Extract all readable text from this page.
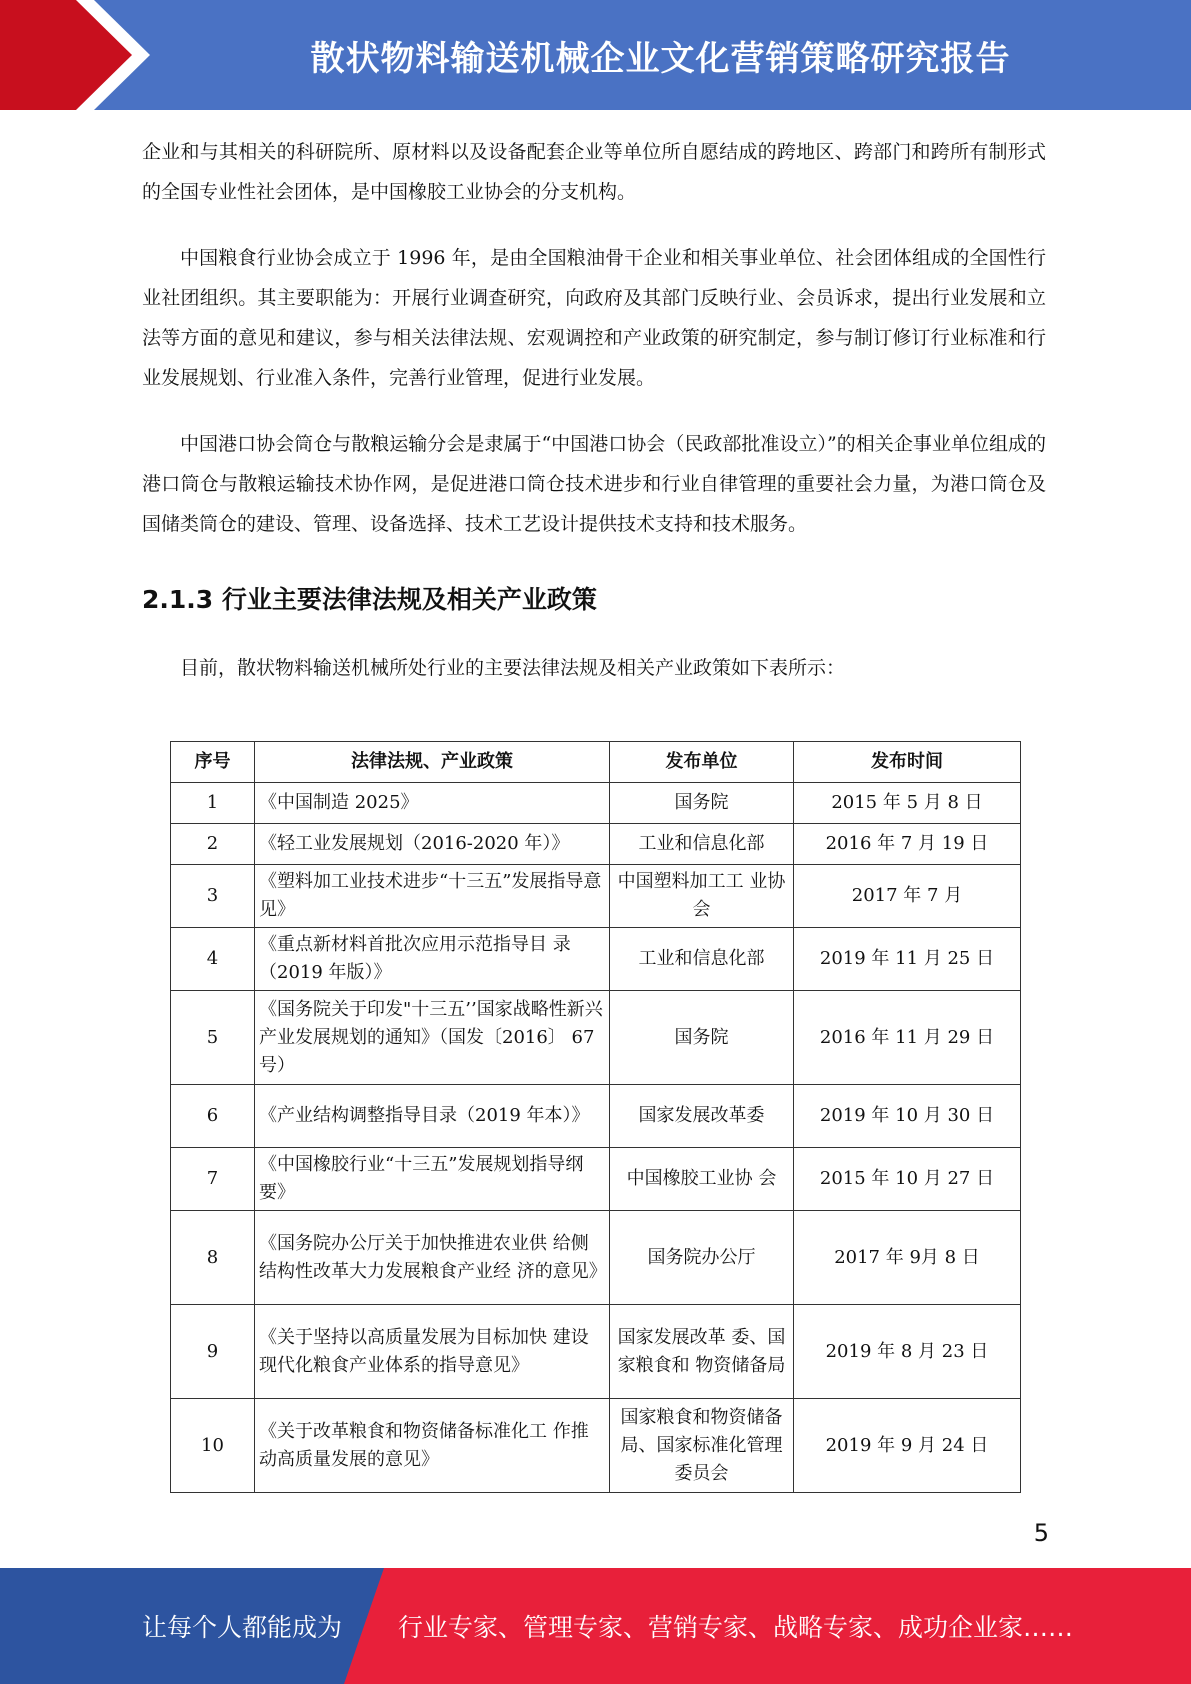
散状物料输送机械企业文化营销策略研究报告

企业和与其相关的科研院所、原材料以及设备配套企业等单位所自愿结成的跨地区、跨部门和跨所有制形式的全国专业性社会团体，是中国橡胶工业协会的分支机构。

中国粮食行业协会成立于 1996 年，是由全国粮油骨干企业和相关事业单位、社会团体组成的全国性行业社团组织。其主要职能为：开展行业调查研究，向政府及其部门反映行业、会员诉求，提出行业发展和立法等方面的意见和建议，参与相关法律法规、宏观调控和产业政策的研究制定，参与制订修订行业标准和行业发展规划、行业准入条件，完善行业管理，促进行业发展。

中国港口协会筒仓与散粮运输分会是隶属于“中国港口协会（民政部批准设立）”的相关企事业单位组成的港口筒仓与散粮运输技术协作网，是促进港口筒仓技术进步和行业自律管理的重要社会力量，为港口筒仓及国储类筒仓的建设、管理、设备选择、技术工艺设计提供技术支持和技术服务。

2.1.3 行业主要法律法规及相关产业政策

目前，散状物料输送机械所处行业的主要法律法规及相关产业政策如下表所示：

序号	法律法规、产业政策	发布单位	发布时间
1	《中国制造 2025》	国务院	2015 年 5 月 8 日
2	《轻工业发展规划（2016-2020 年）》	工业和信息化部	2016 年 7 月 19 日
3	《塑料加工业技术进步“十三五”发展指导意见》	中国塑料加工工 业协会	2017 年 7 月
4	《重点新材料首批次应用示范指导目 录（2019 年版）》	工业和信息化部	2019 年 11 月 25 日
5	《国务院关于印发"十三五’’国家战略性新兴产业发展规划的通知》（国发〔2016〕 67 号）	国务院	2016 年 11 月 29 日
6	《产业结构调整指导目录（2019 年本）》	国家发展改革委	2019 年 10 月 30 日
7	《中国橡胶行业“十三五”发展规划指导纲要》	中国橡胶工业协 会	2015 年 10 月 27 日
8	《国务院办公厅关于加快推进农业供 给侧结构性改革大力发展粮食产业经 济的意见》	国务院办公厅	2017 年 9月 8 日
9	《关于坚持以高质量发展为目标加快 建设现代化粮食产业体系的指导意见》	国家发展改革 委、国家粮食和 物资储备局	2019 年 8 月 23 日
10	《关于改革粮食和物资储备标准化工 作推动高质量发展的意见》	国家粮食和物资储备局、国家标准化管理委员会	2019 年 9 月 24 日
5
让每个人都能成为 行业专家、管理专家、营销专家、战略专家、成功企业家……
